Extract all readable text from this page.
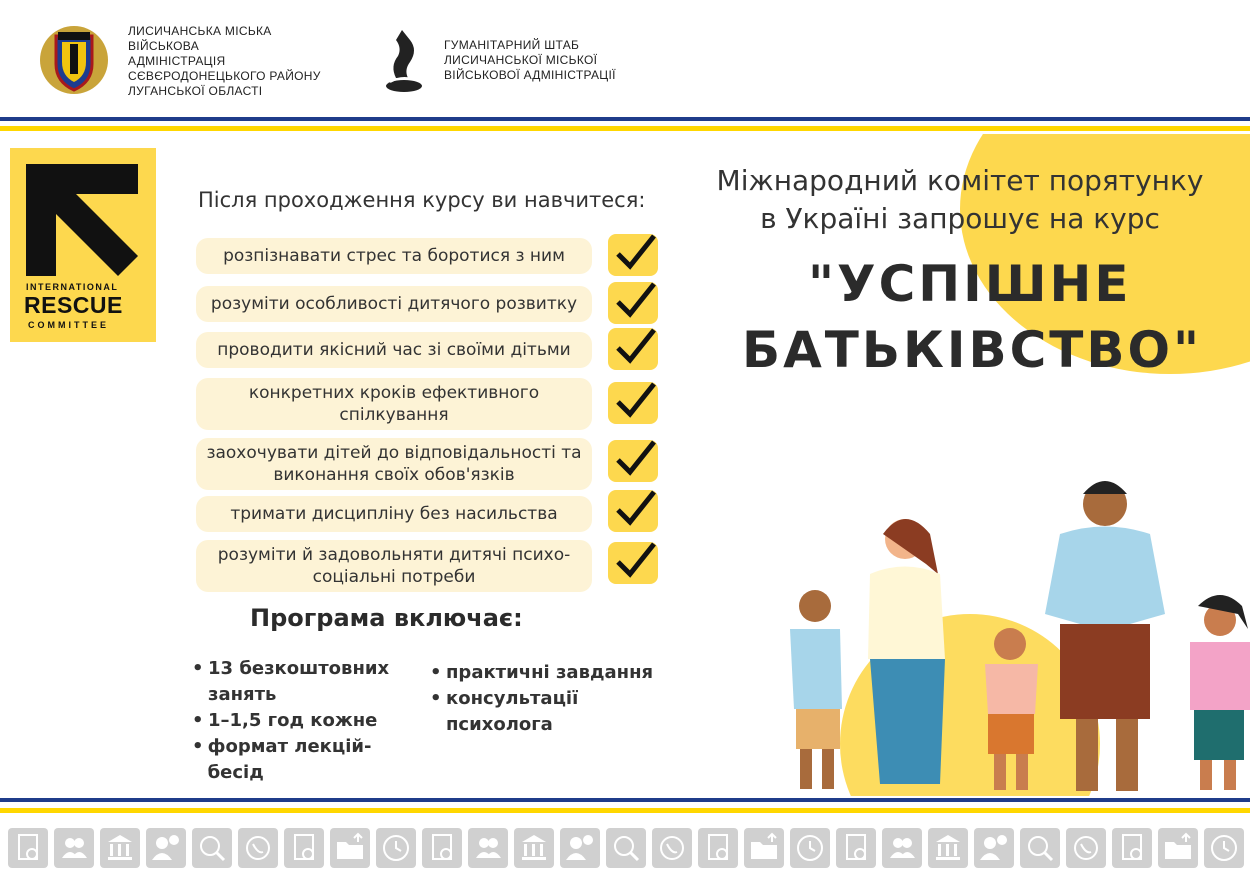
ЛИСИЧАНСЬКА МІСЬКА
ВІЙСЬКОВА
АДМІНІСТРАЦІЯ
СЄВЄРОДОНЕЦЬКОГО РАЙОНУ
ЛУГАНСЬКОЇ ОБЛАСТІ
ГУМАНІТАРНИЙ ШТАБ
ЛИСИЧАНСЬКОЇ МІСЬКОЇ
ВІЙСЬКОВОЇ АДМІНІСТРАЦІЇ
INTERNATIONAL
RESCUE
COMMITTEE
Після проходження курсу ви навчитеся:
розпізнавати стрес та боротися з ним
розуміти особливості дитячого розвитку
проводити якісний час зі своїми дітьми
конкретних кроків ефективного спілкування
заохочувати дітей до відповідальності та виконання своїх обов'язків
тримати дисципліну без насильства
розуміти й задовольняти дитячі психо-соціальні потреби
Програма включає:
• 13 безкоштовних занять
• 1–1,5 год кожне
• формат лекцій-бесід
• практичні завдання
• консультації психолога
Міжнародний комітет порятунку
в Україні запрошує на курс
"УСПІШНЕ
БАТЬКІВСТВО"
